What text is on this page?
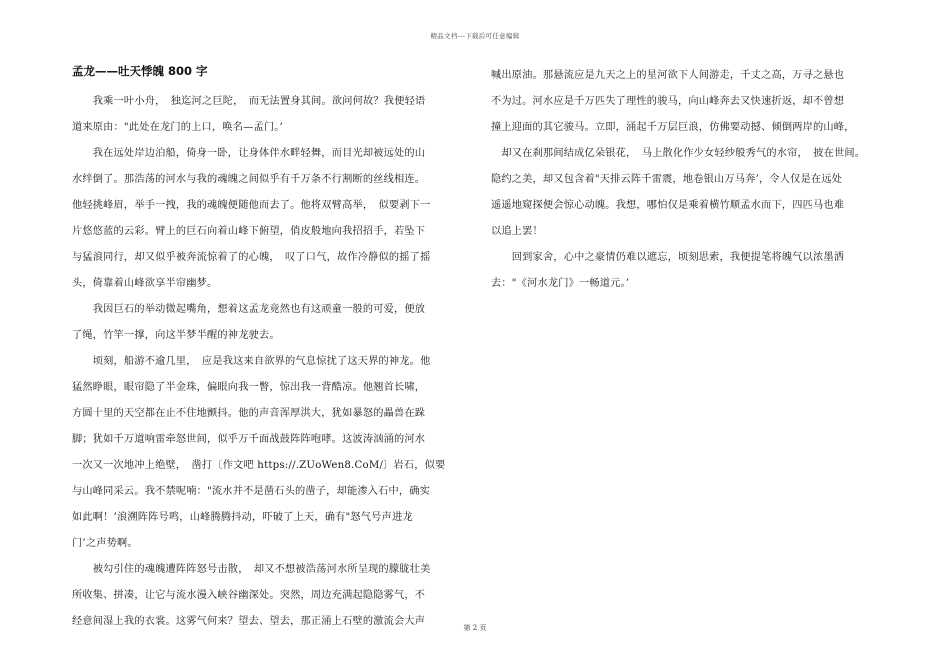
精品文档---下载后可任意编辑
孟龙——吐天悸魄 800 字
　　我乘一叶小舟，　独迄河之巨陀，　而无法置身其间。欲问何故？我便轻语
道来原由："此处在龙门的上口，唤名—孟门。’
　　我在远处岸边泊船，倚身一卧，让身体伴水畔轻舞，而目光却被远处的山
水绊倒了。那浩荡的河水与我的魂魄之间似乎有千万条不行割断的丝线相连。
他轻挑峰眉，举手一拽，我的魂魄便随他而去了。他将双臂高举，　似要剥下一
片悠悠蓝的云彩。臂上的巨石向着山峰下俯望，俏皮般地向我招招手，若坠下
与猛浪同行，却又似乎被奔流惊着了的心魄，　叹了口气，故作冷静似的摇了摇
头，倚靠着山峰欲享半帘幽梦。
　　我因巨石的举动微起嘴角，想着这孟龙竟然也有这顽童一般的可爱，便放
了绳，竹竿一撑，向这半梦半醒的神龙驶去。
　　顷刻，船游不逾几里，　应是我这来自欲界的气息惊扰了这天界的神龙。他
猛然睁眼，眼帘隐了半金珠，偏眼向我一瞥，惊出我一背酷凉。他翘首长啸，
方圆十里的天空都在止不住地颤抖。他的声音浑厚洪大，犹如暴怒的畾兽在跺
脚；犹如千万道响雷牵怒世间，似乎万千面战鼓阵阵咆哮。这波涛汹涌的河水
一次又一次地冲上绝壁，　凿打〔作文吧 https://.ZUoWen8.CoM/〕岩石，似要
与山峰同采云。我不禁呢喃："流水并不是凿石头的凿子，却能渗入石中，确实
如此啊！’浪溯阵阵号鸣，山峰腾腾抖动，吓破了上天，确有"怒气号声进龙
门’之声势啊。
　　被勾引住的魂魄遭阵阵怒号击散，　却又不想被浩荡河水所呈现的朦胧壮美
所收集、拼凑，让它与流水漫入峡谷幽深处。突然，周边充满起隐隐雾气，不
经意间湿上我的衣裳。这雾气何来？望去、望去，那正涌上石壁的激流会大声
喊出原油。那悬流应是九天之上的星河欲下人间游走，千丈之高，万寻之悬也
不为过。河水应是千万匹失了理性的骏马，向山峰奔去又快速折返，却不曾想
撞上迎面的其它骏马。立即，涌起千万层巨浪，仿佛要动撼、倾倒两岸的山峰，
　却又在刹那间结成亿朵银花，　马上散化作少女轻纱般秀气的水帘，　披在世间。
隐约之美，却又包含着"天排云阵千雷震，地卷银山万马奔’，令人仅是在远处
遥遥地窥探便会惊心动魄。我想，哪怕仅是乘着横竹顺孟水而下，四匹马也难
以追上罢！
　　回到家舍，心中之豪情仍难以遮忘，顷刻思索，我便提笔将魄气以浓墨洒
去："《河水龙门》一畅道元。’
第 2 页
